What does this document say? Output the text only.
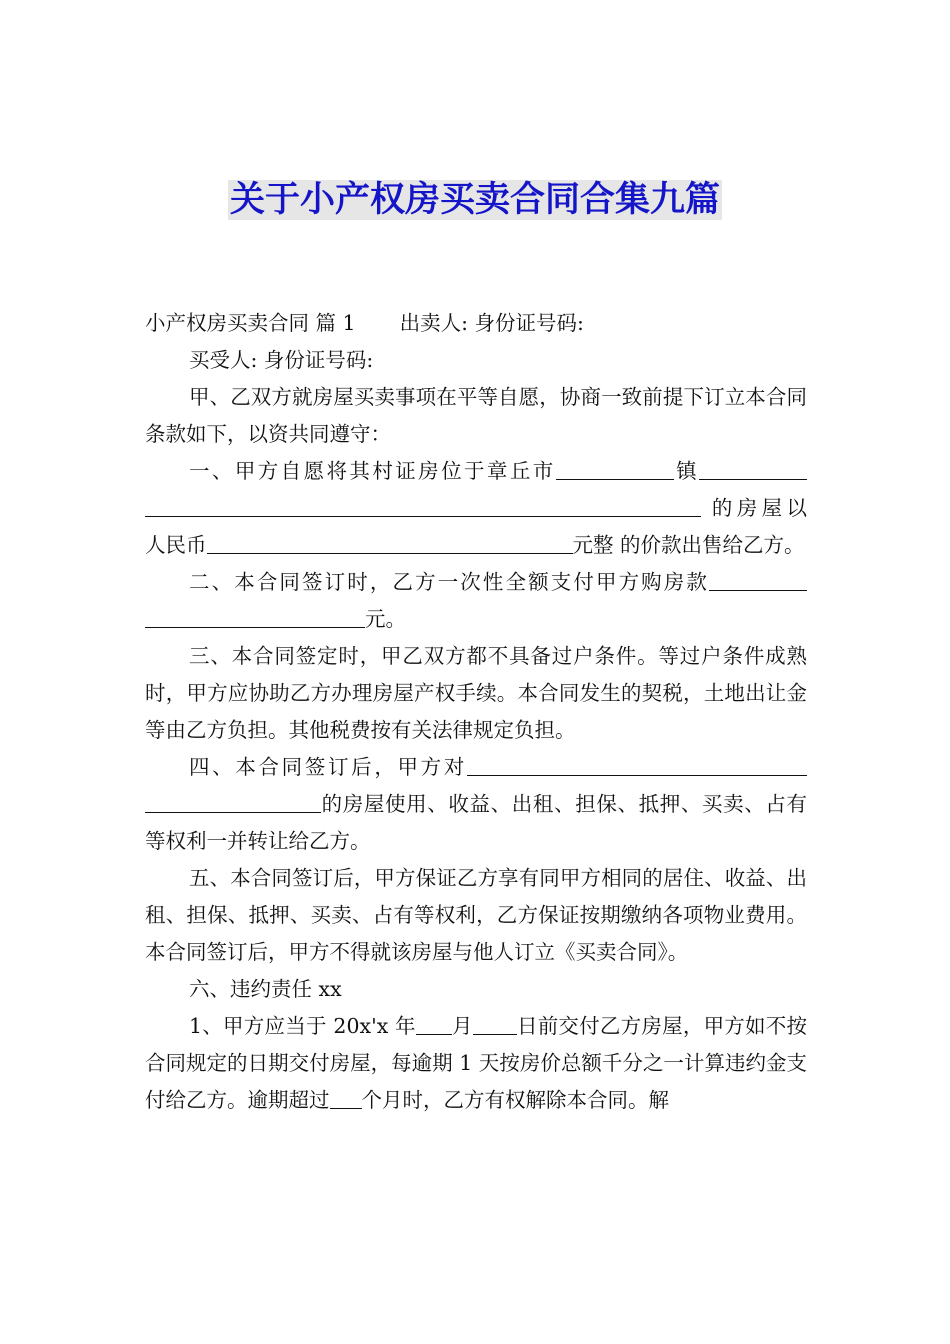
关于小产权房买卖合同合集九篇

小产权房买卖合同 篇 1 出卖人: 身份证号码:

买受人: 身份证号码:

甲、乙双方就房屋买卖事项在平等自愿，协商一致前提下订立本合同条款如下，以资共同遵守：

一、甲方自愿将其村证房位于章丘市	镇 的房屋以人民币	元整 的价款出售给乙方。

二、本合同签订时，乙方一次性全额支付甲方购房款元。

三、本合同签定时，甲乙双方都不具备过户条件。等过户条件成熟时，甲方应协助乙方办理房屋产权手续。本合同发生的契税，土地出让金等由乙方负担。其他税费按有关法律规定负担。

四、本合同签订后，甲方对的房屋使用、收益、出租、担保、抵押、买卖、占有等权利一并转让给乙方。

五、本合同签订后，甲方保证乙方享有同甲方相同的居住、收益、出租、担保、抵押、买卖、占有等权利，乙方保证按期缴纳各项物业费用。本合同签订后，甲方不得就该房屋与他人订立《买卖合同》。

六、违约责任 xx

1、甲方应当于 20x'x 年 月 日前交付乙方房屋，甲方如不按合同规定的日期交付房屋，每逾期 1 天按房价总额千分之一计算违约金支付给乙方。逾期超过 个月时，乙方有权解除本合同。解
